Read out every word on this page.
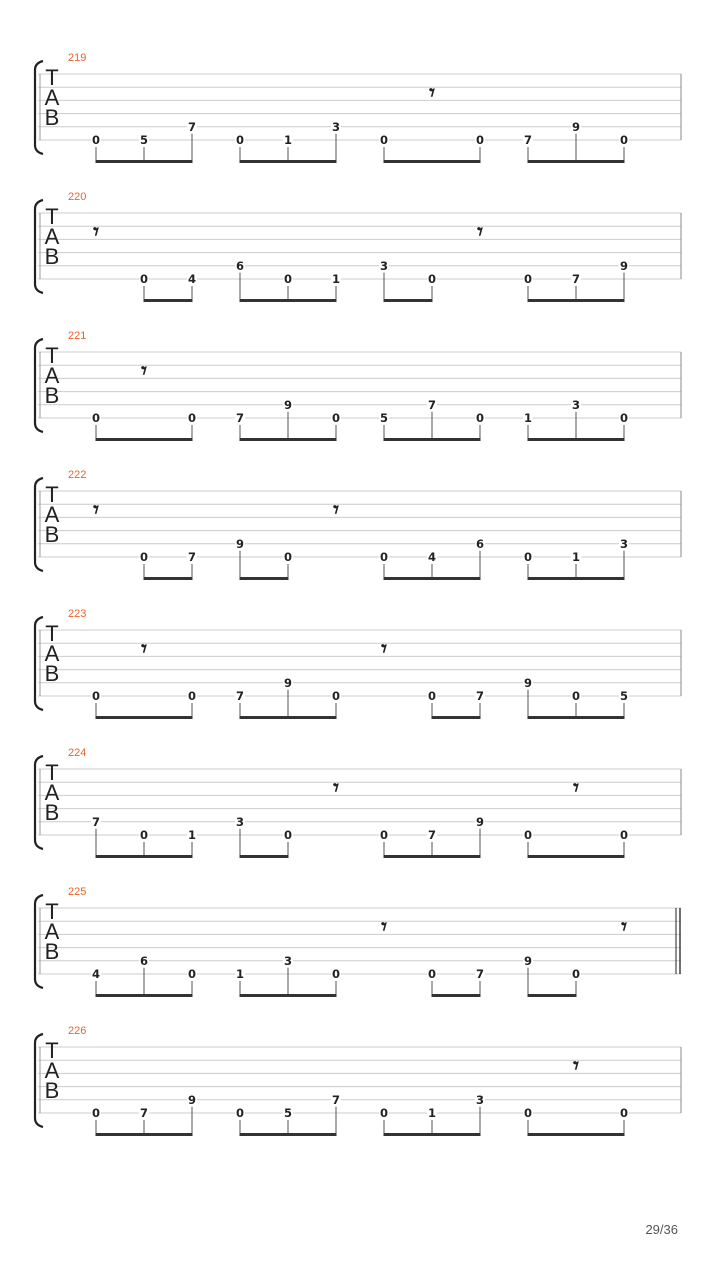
219
T
A
B
0	5
7
0	1
3
0
𝄾
0	7
9
0
220
T
A
B
𝄾
0	4
6
0	1
3
0
𝄾
0	7
9
221
T
A
B
0
𝄾
0	7
9
0	5
7
0	1
3
0
222
T
A
B
𝄾
0	7
9
0
𝄾
0	4
6
0	1
3
223
T
A
B
0
𝄾
0	7
9
0
𝄾
0	7
9
0	5
224
T
A
B	7
0	1
3
0
𝄾
0	7
9
0
𝄾
0
225
T
A
B
4
6
0	1
3
0
𝄾
0	7
9
0
𝄾
226
T
A
B
0	7
9
0	5
7
0	1
3
0
𝄾
0
29/36
